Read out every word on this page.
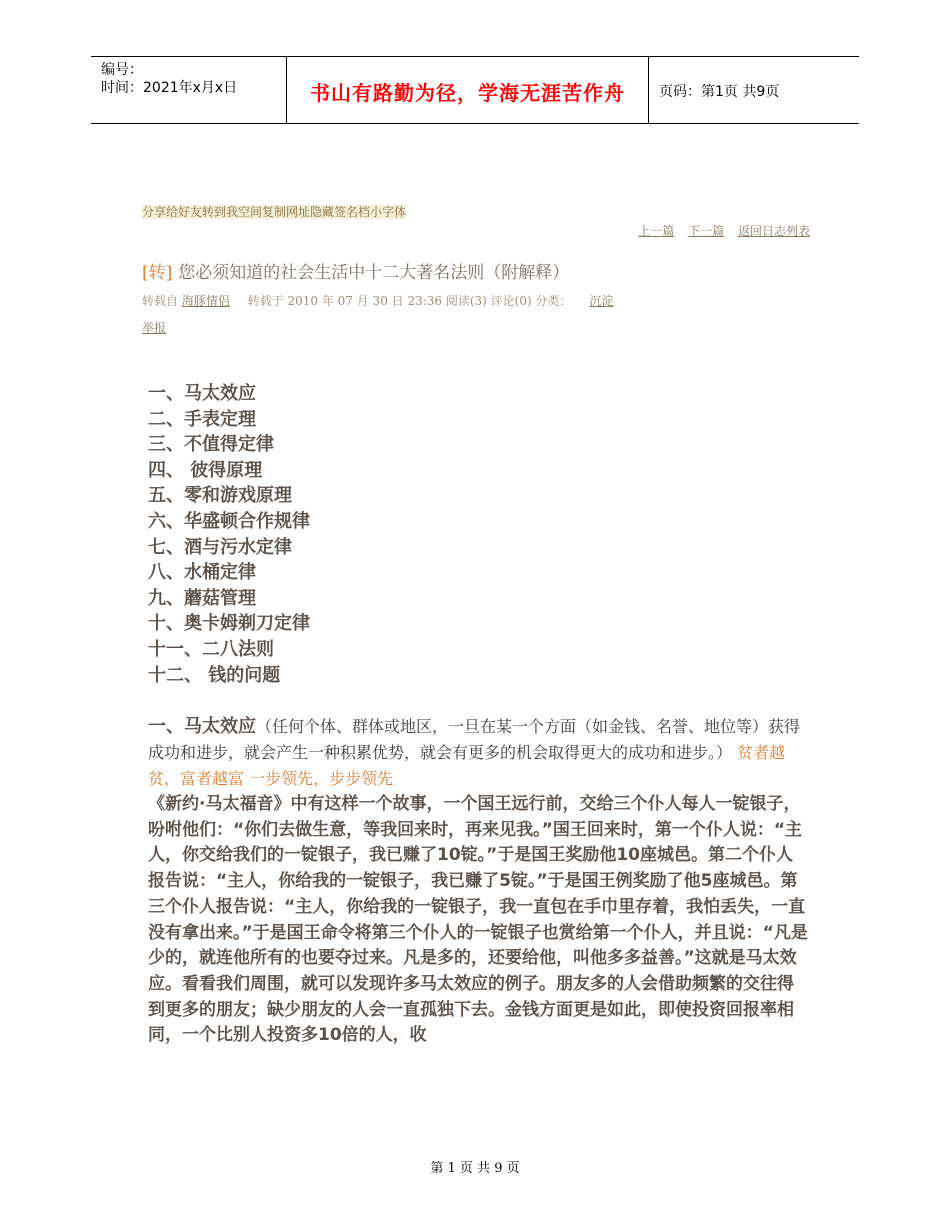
编号：
时间：2021年x月x日	书山有路勤为径，学海无涯苦作舟	页码：第1页 共9页
分享给好友转到我空间复制网址隐藏签名档小字体
上一篇 下一篇 返回日志列表
[转] 您必须知道的社会生活中十二大著名法则（附解释）
转载自 海豚情侣 转载于 2010 年 07 月 30 日 23:36 阅读(3) 评论(0) 分类： 沉淀
举报
一、马太效应
二、手表定理
三、不值得定律
四、 彼得原理
五、零和游戏原理
六、华盛顿合作规律
七、酒与污水定律
八、水桶定律
九、蘑菇管理
十、奥卡姆剃刀定律
十一、二八法则
十二、 钱的问题
一、马太效应（任何个体、群体或地区，一旦在某一个方面（如金钱、名誉、地位等）获得成功和进步，就会产生一种积累优势，就会有更多的机会取得更大的成功和进步。） 贫者越贫，富者越富 一步领先，步步领先
《新约·马太福音》中有这样一个故事，一个国王远行前，交给三个仆人每人一锭银子，吩咐他们：“你们去做生意，等我回来时，再来见我。”国王回来时，第一个仆人说：“主人，你交给我们的一锭银子，我已赚了10锭。”于是国王奖励他10座城邑。第二个仆人报告说：“主人，你给我的一锭银子，我已赚了5锭。”于是国王例奖励了他5座城邑。第三个仆人报告说：“主人，你给我的一锭银子，我一直包在手巾里存着，我怕丢失，一直没有拿出来。”于是国王命令将第三个仆人的一锭银子也赏给第一个仆人，并且说：“凡是少的，就连他所有的也要夺过来。凡是多的，还要给他，叫他多多益善。”这就是马太效应。看看我们周围，就可以发现许多马太效应的例子。朋友多的人会借助频繁的交往得到更多的朋友；缺少朋友的人会一直孤独下去。金钱方面更是如此，即使投资回报率相同，一个比别人投资多10倍的人，收
第 1 页 共 9 页
